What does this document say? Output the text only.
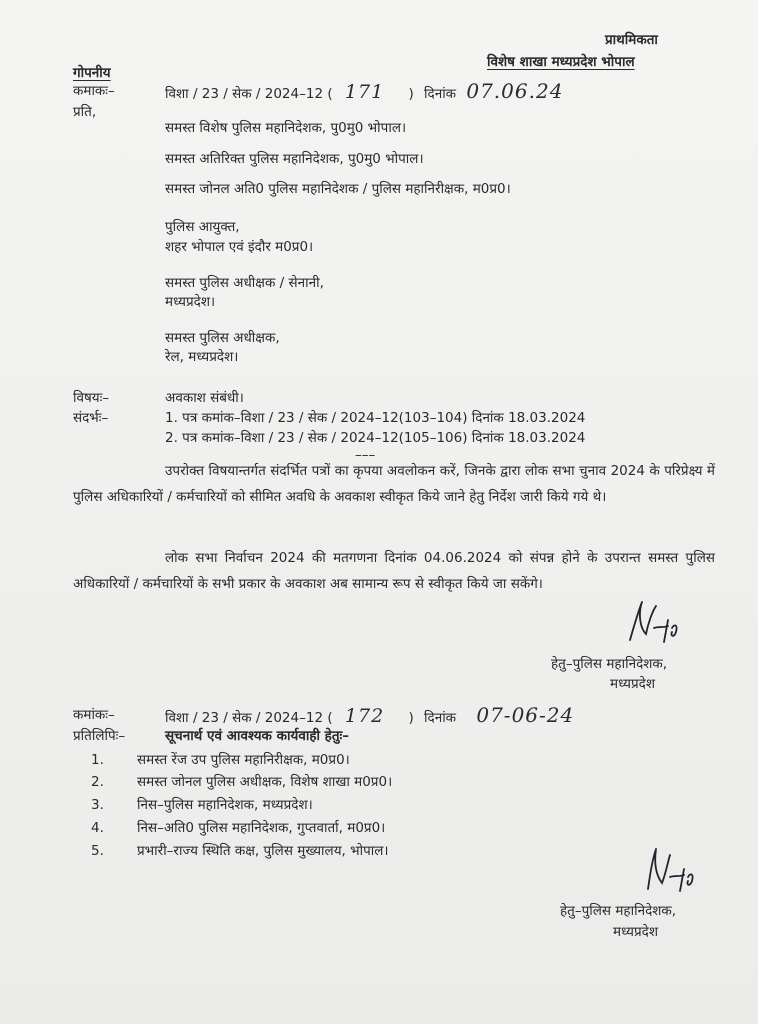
प्राथमिकता
विशेष शाखा मध्यप्रदेश भोपाल
गोपनीय
कमाकः–	विशा / 23 / सेक / 2024–12 ( 171 ) दिनांक 07.06.24
प्रति,
समस्त विशेष पुलिस महानिदेशक, पु0मु0 भोपाल।
समस्त अतिरिक्त पुलिस महानिदेशक, पु0मु0 भोपाल।
समस्त जोनल अति0 पुलिस महानिदेशक / पुलिस महानिरीक्षक, म0प्र0।
पुलिस आयुक्त,
शहर भोपाल एवं इंदौर म0प्र0।
समस्त पुलिस अधीक्षक / सेनानी,
मध्यप्रदेश।
समस्त पुलिस अधीक्षक,
रेल, मध्यप्रदेश।
विषयः–	अवकाश संबंधी।
संदर्भः–	1. पत्र कमांक–विशा / 23 / सेक / 2024–12(103–104) दिनांक 18.03.2024
2. पत्र कमांक–विशा / 23 / सेक / 2024–12(105–106) दिनांक 18.03.2024
–––
उपरोक्त विषयान्तर्गत संदर्भित पत्रों का कृपया अवलोकन करें, जिनके द्वारा लोक सभा चुनाव 2024 के परिप्रेक्ष्य में पुलिस अधिकारियों / कर्मचारियों को सीमित अवधि के अवकाश स्वीकृत किये जाने हेतु निर्देश जारी किये गये थे।
लोक सभा निर्वाचन 2024 की मतगणना दिनांक 04.06.2024 को संपन्न होने के उपरान्त समस्त पुलिस अधिकारियों / कर्मचारियों के सभी प्रकार के अवकाश अब सामान्य रूप से स्वीकृत किये जा सकेंगे।
हेतु–पुलिस महानिदेशक,
मध्यप्रदेश
कमांकः–	विशा / 23 / सेक / 2024–12 ( 172 ) दिनांक 07-06-24
प्रतिलिपिः–	सूचनार्थ एवं आवश्यक कार्यवाही हेतुः–
1. समस्त रेंज उप पुलिस महानिरीक्षक, म0प्र0।
2. समस्त जोनल पुलिस अधीक्षक, विशेष शाखा म0प्र0।
3. निस–पुलिस महानिदेशक, मध्यप्रदेश।
4. निस–अति0 पुलिस महानिदेशक, गुप्तवार्ता, म0प्र0।
5. प्रभारी–राज्य स्थिति कक्ष, पुलिस मुख्यालय, भोपाल।
हेतु–पुलिस महानिदेशक,
मध्यप्रदेश
